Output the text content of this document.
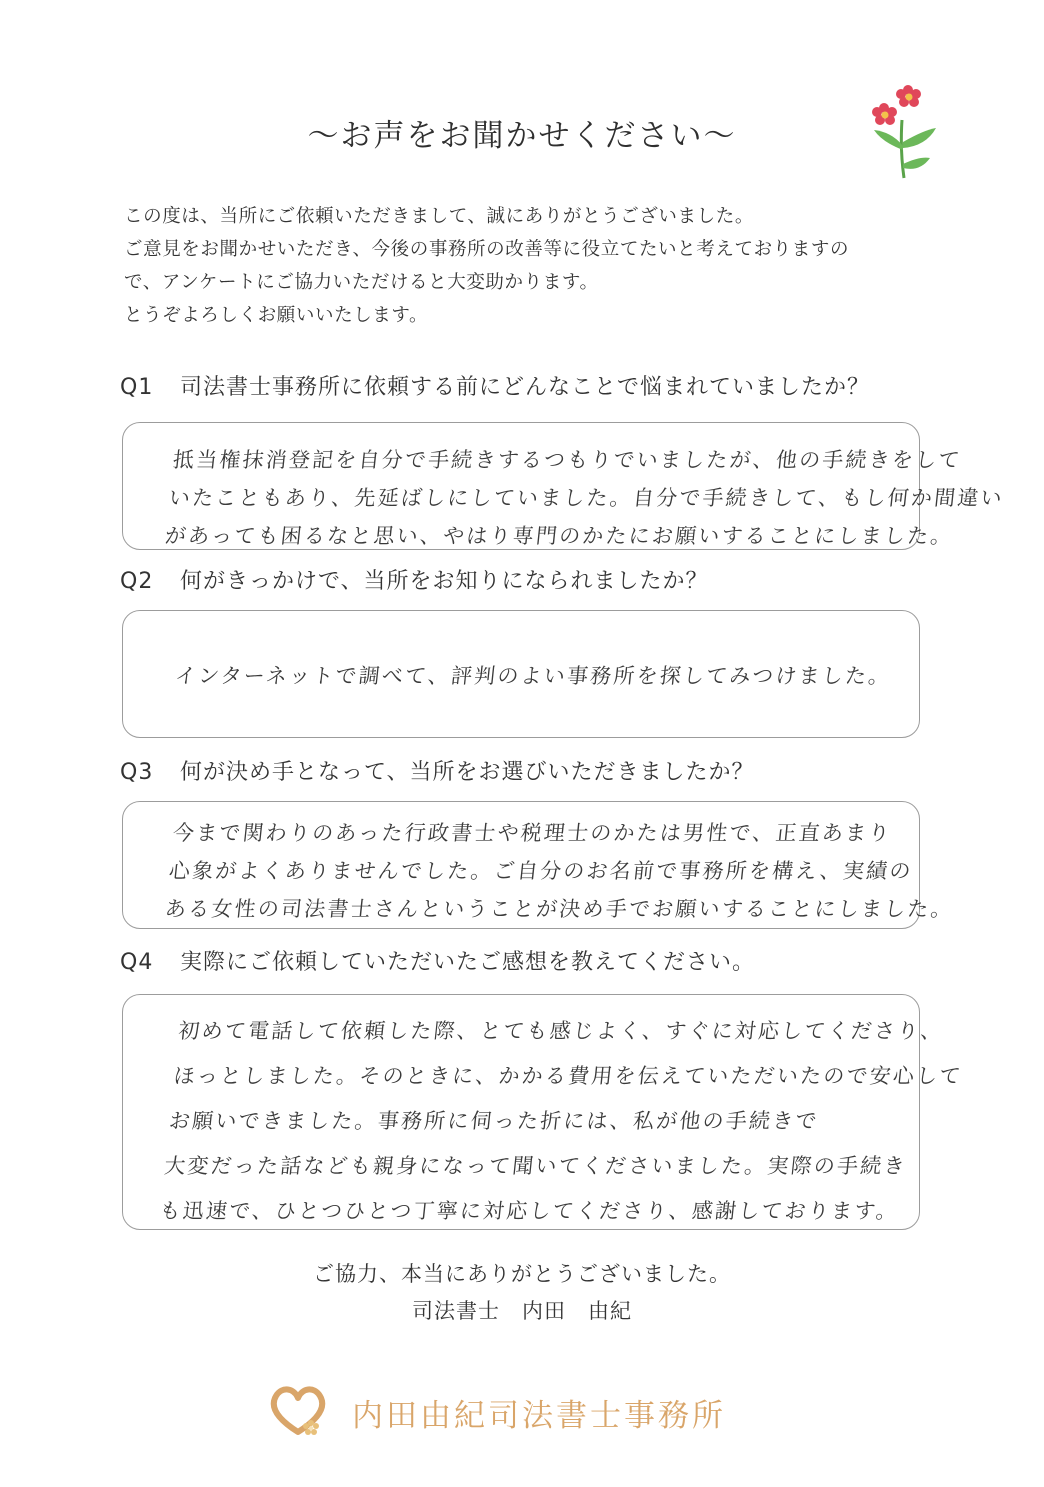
〜お声をお聞かせください〜
この度は、当所にご依頼いただきまして、誠にありがとうございました。
ご意見をお聞かせいただき、今後の事務所の改善等に役立てたいと考えておりますの
で、アンケートにご協力いただけると大変助かります。
とうぞよろしくお願いいたします。
Q1 司法書士事務所に依頼する前にどんなことで悩まれていましたか？
抵当権抹消登記を自分で手続きするつもりでいましたが、他の手続きをして
いたこともあり、先延ばしにしていました。自分で手続きして、もし何か間違い
があっても困るなと思い、やはり専門のかたにお願いすることにしました。
Q2 何がきっかけで、当所をお知りになられましたか？
インターネットで調べて、評判のよい事務所を探してみつけました。
Q3 何が決め手となって、当所をお選びいただきましたか？
今まで関わりのあった行政書士や税理士のかたは男性で、正直あまり
心象がよくありませんでした。ご自分のお名前で事務所を構え、実績の
ある女性の司法書士さんということが決め手でお願いすることにしました。
Q4 実際にご依頼していただいたご感想を教えてください。
初めて電話して依頼した際、とても感じよく、すぐに対応してくださり、
ほっとしました。そのときに、かかる費用を伝えていただいたので安心して
お願いできました。事務所に伺った折には、私が他の手続きで
大変だった話なども親身になって聞いてくださいました。実際の手続き
も迅速で、ひとつひとつ丁寧に対応してくださり、感謝しております。
ご協力、本当にありがとうございました。
司法書士　内田　由紀
内田由紀司法書士事務所
